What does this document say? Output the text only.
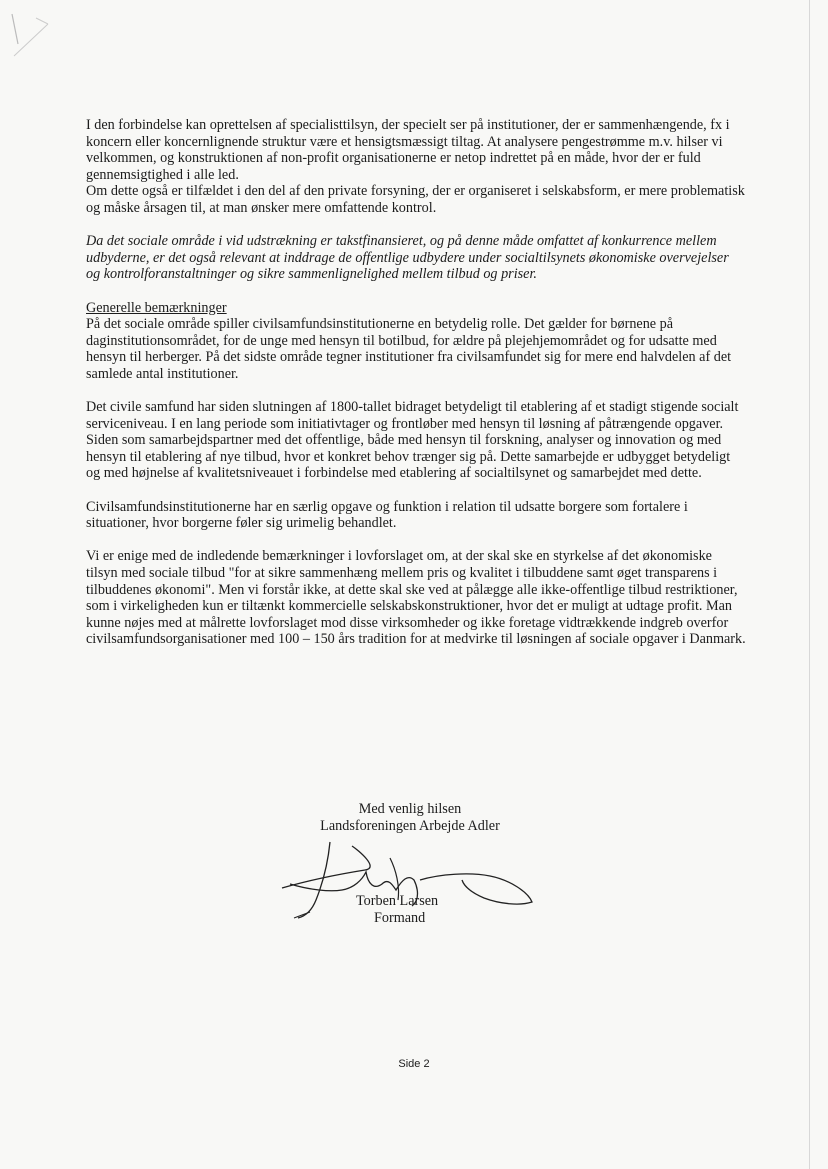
I den forbindelse kan oprettelsen af specialisttilsyn, der specielt ser på institutioner, der er sammenhængende, fx i koncern eller koncernlignende struktur være et hensigtsmæssigt tiltag. At analysere pengestrømme m.v. hilser vi velkommen, og konstruktionen af non-profit organisationerne er netop indrettet på en måde, hvor der er fuld gennemsigtighed i alle led.

Om dette også er tilfældet i den del af den private forsyning, der er organiseret i selskabsform, er mere problematisk og måske årsagen til, at man ønsker mere omfattende kontrol.

Da det sociale område i vid udstrækning er takstfinansieret, og på denne måde omfattet af konkurrence mellem udbyderne, er det også relevant at inddrage de offentlige udbydere under socialtilsynets økonomiske overvejelser og kontrolforanstaltninger og sikre sammenlignelighed mellem tilbud og priser.

Generelle bemærkninger

På det sociale område spiller civilsamfundsinstitutionerne en betydelig rolle. Det gælder for børnene på daginstitutionsområdet, for de unge med hensyn til botilbud, for ældre på plejehjemområdet og for udsatte med hensyn til herberger. På det sidste område tegner institutioner fra civilsamfundet sig for mere end halvdelen af det samlede antal institutioner.

Det civile samfund har siden slutningen af 1800-tallet bidraget betydeligt til etablering af et stadigt stigende socialt serviceniveau. I en lang periode som initiativtager og frontløber med hensyn til løsning af påtrængende opgaver. Siden som samarbejdspartner med det offentlige, både med hensyn til forskning, analyser og innovation og med hensyn til etablering af nye tilbud, hvor et konkret behov trænger sig på. Dette samarbejde er udbygget betydeligt og med højnelse af kvalitetsniveauet i forbindelse med etablering af socialtilsynet og samarbejdet med dette.

Civilsamfundsinstitutionerne har en særlig opgave og funktion i relation til udsatte borgere som fortalere i situationer, hvor borgerne føler sig urimelig behandlet.

Vi er enige med de indledende bemærkninger i lovforslaget om, at der skal ske en styrkelse af det økonomiske tilsyn med sociale tilbud "for at sikre sammenhæng mellem pris og kvalitet i tilbuddene samt øget transparens i tilbuddenes økonomi". Men vi forstår ikke, at dette skal ske ved at pålægge alle ikke-offentlige tilbud restriktioner, som i virkeligheden kun er tiltænkt kommercielle selskabskonstruktioner, hvor det er muligt at udtage profit. Man kunne nøjes med at målrette lovforslaget mod disse virksomheder og ikke foretage vidtrækkende indgreb overfor civilsamfundsorganisationer med 100 – 150 års tradition for at medvirke til løsningen af sociale opgaver i Danmark.

Med venlig hilsen
Landsforeningen Arbejde Adler
Torben Larsen
Formand
Side 2
